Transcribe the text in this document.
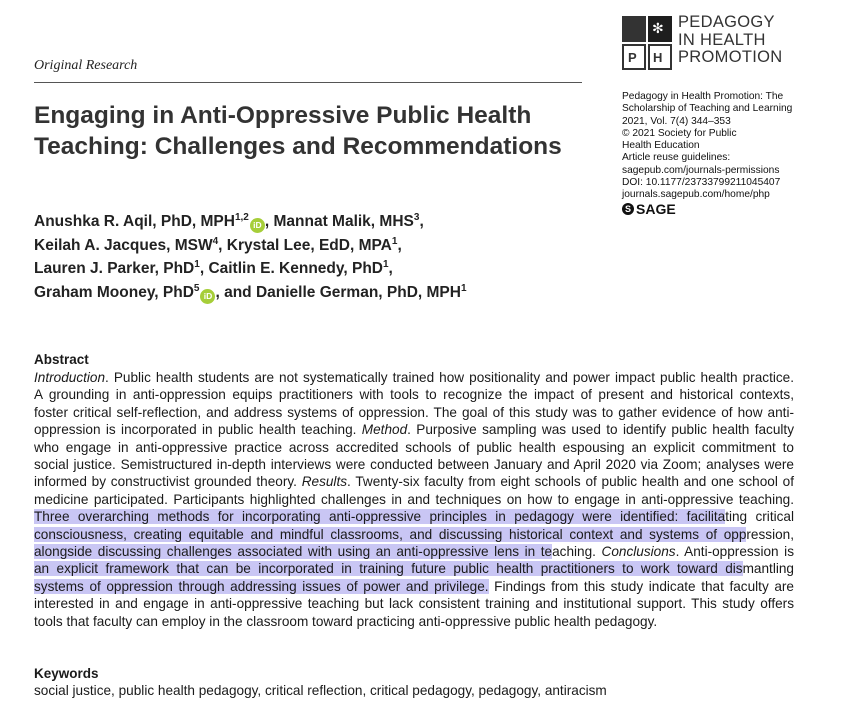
Original Research
✻
P H
PEDAGOGY
IN HEALTH
PROMOTION
Pedagogy in Health Promotion: The
Scholarship of Teaching and Learning
2021, Vol. 7(4) 344–353
© 2021 Society for Public
Health Education
Article reuse guidelines:
sagepub.com/journals-permissions
DOI: 10.1177/23733799211045407
journals.sagepub.com/home/php
S SAGE
Engaging in Anti-Oppressive Public Health
Teaching: Challenges and Recommendations
Anushka R. Aqil, PhD, MPH$^{1,2}$iD , Mannat Malik, MHS$^3$,
Keilah A. Jacques, MSW$^4$, Krystal Lee, EdD, MPA$^1$,
Lauren J. Parker, PhD$^1$, Caitlin E. Kennedy, PhD$^1$,
Graham Mooney, PhD$^5$iD , and Danielle German, PhD, MPH$^1$
Abstract
Introduction. Public health students are not systematically trained how positionality and power impact public health practice.
A grounding in anti-oppression equips practitioners with tools to recognize the impact of present and historical contexts,
foster critical self-reflection, and address systems of oppression. The goal of this study was to gather evidence of how anti-
oppression is incorporated in public health teaching. Method. Purposive sampling was used to identify public health faculty
who engage in anti-oppressive practice across accredited schools of public health espousing an explicit commitment to
social justice. Semistructured in-depth interviews were conducted between January and April 2020 via Zoom; analyses were
informed by constructivist grounded theory. Results. Twenty-six faculty from eight schools of public health and one school of
medicine participated. Participants highlighted challenges in and techniques on how to engage in anti-oppressive teaching.
Three overarching methods for incorporating anti-oppressive principles in pedagogy were identified: facilitating critical
consciousness, creating equitable and mindful classrooms, and discussing historical context and systems of oppression,
alongside discussing challenges associated with using an anti-oppressive lens in teaching. Conclusions. Anti-oppression is
an explicit framework that can be incorporated in training future public health practitioners to work toward dismantling
systems of oppression through addressing issues of power and privilege. Findings from this study indicate that faculty are
interested in and engage in anti-oppressive teaching but lack consistent training and institutional support. This study offers
tools that faculty can employ in the classroom toward practicing anti-oppressive public health pedagogy.
Keywords
social justice, public health pedagogy, critical reflection, critical pedagogy, pedagogy, antiracism
